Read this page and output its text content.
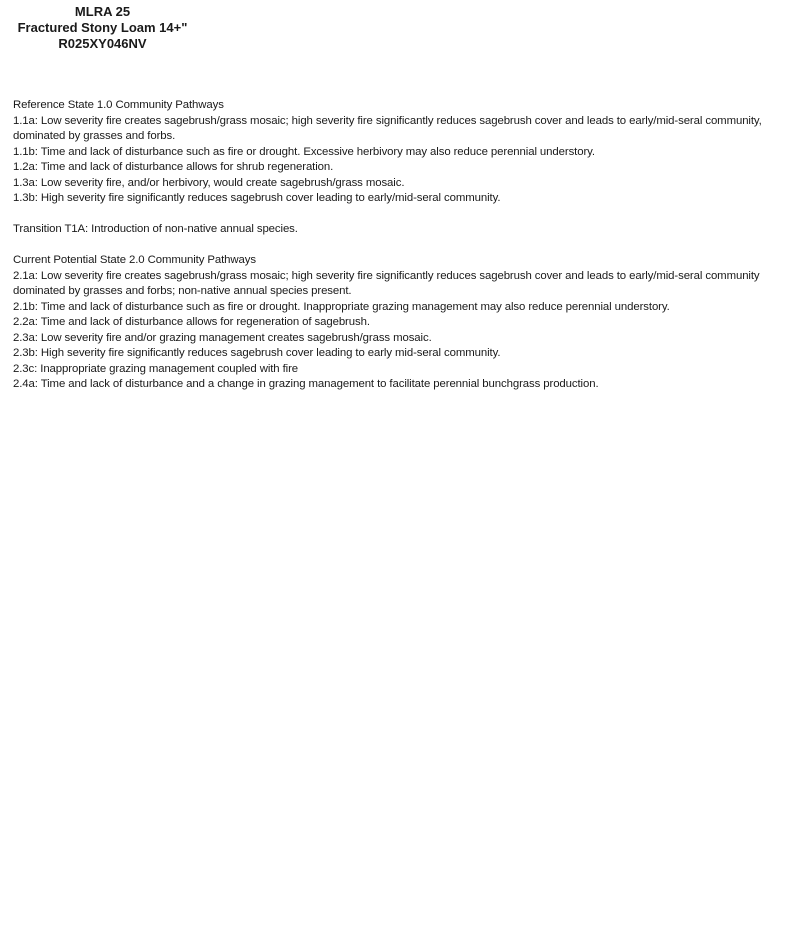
MLRA 25
Fractured Stony Loam 14+"
R025XY046NV
Reference State 1.0 Community Pathways
1.1a: Low severity fire creates sagebrush/grass mosaic; high severity fire significantly reduces sagebrush cover and leads to early/mid-seral community, dominated by grasses and forbs.
1.1b: Time and lack of disturbance such as fire or drought. Excessive herbivory may also reduce perennial understory.
1.2a: Time and lack of disturbance allows for shrub regeneration.
1.3a: Low severity fire, and/or herbivory, would create sagebrush/grass mosaic.
1.3b: High severity fire significantly reduces sagebrush cover leading to early/mid-seral community.
Transition T1A: Introduction of non-native annual species.
Current Potential State 2.0 Community Pathways
2.1a: Low severity fire creates sagebrush/grass mosaic; high severity fire significantly reduces sagebrush cover and leads to early/mid-seral community dominated by grasses and forbs; non-native annual species present.
2.1b: Time and lack of disturbance such as fire or drought. Inappropriate grazing management may also reduce perennial understory.
2.2a: Time and lack of disturbance allows for regeneration of sagebrush.
2.3a: Low severity fire and/or grazing management creates sagebrush/grass mosaic.
2.3b: High severity fire significantly reduces sagebrush cover leading to early mid-seral community.
2.3c: Inappropriate grazing management coupled with fire
2.4a: Time and lack of disturbance and a change in grazing management to facilitate perennial bunchgrass production.
